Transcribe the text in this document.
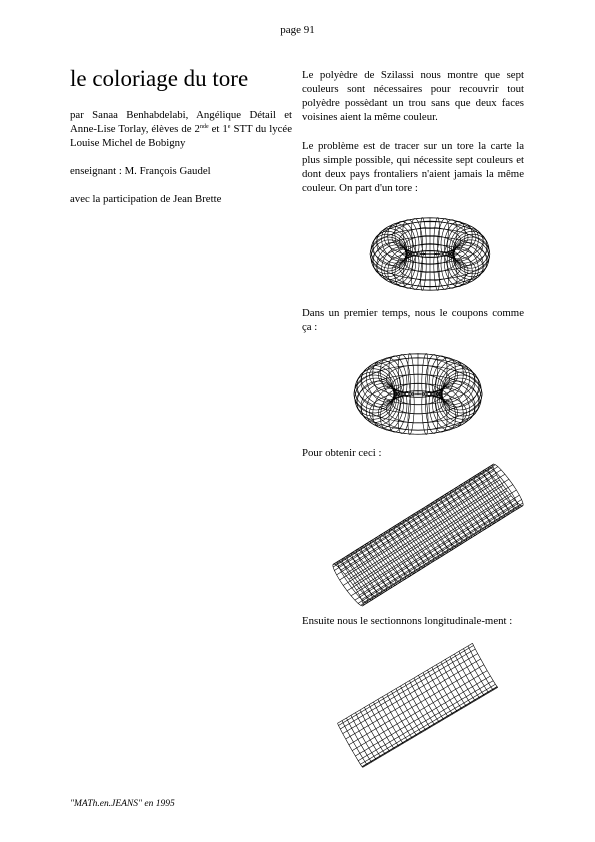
page 91
le coloriage du tore

par Sanaa Benhabdelabi, Angélique Détail et Anne-Lise Torlay, élèves de 2nde et 1e STT du lycée Louise Michel de Bobigny

enseignant : M. François Gaudel

avec la participation de Jean Brette

Le polyèdre de Szilassi nous montre que sept couleurs sont nécessaires pour recouvrir tout polyèdre possèdant un trou sans que deux faces voisines aient la même couleur.

Le problème est de tracer sur un tore la carte la plus simple possible, qui nécessite sept couleurs et dont deux pays frontaliers n'aient jamais la même couleur. On part d'un tore :

Dans un premier temps, nous le coupons comme ça :

Pour obtenir ceci :

Ensuite nous le sectionnons longitudinale-ment :

"MATh.en.JEANS" en 1995
